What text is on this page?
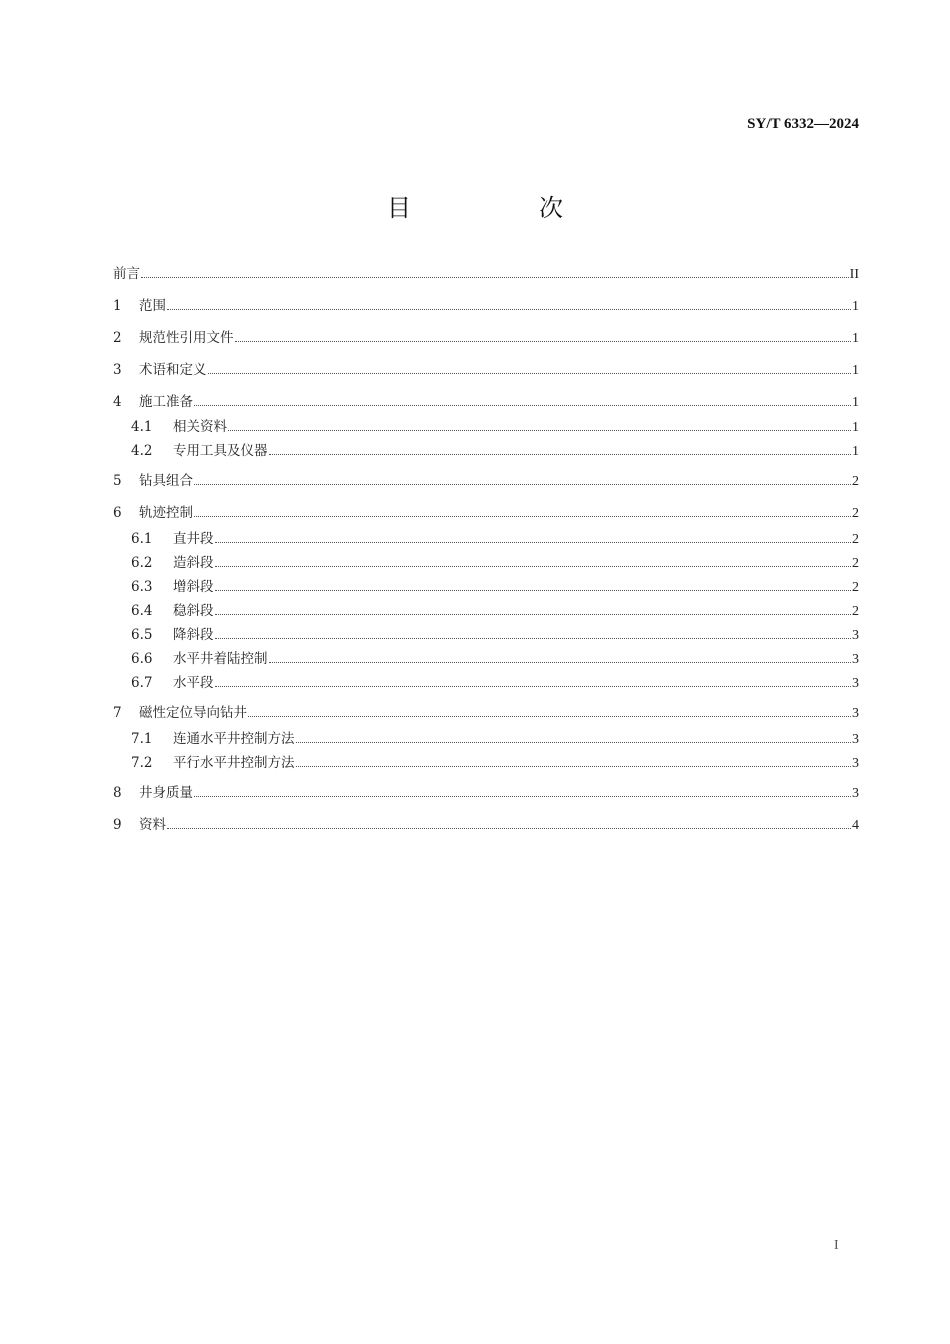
SY/T 6332—2024
目　次
前言	II
1	范围	1
2	规范性引用文件	1
3	术语和定义	1
4	施工准备	1
4.1	相关资料	1
4.2	专用工具及仪器	1
5	钻具组合	2
6	轨迹控制	2
6.1	直井段	2
6.2	造斜段	2
6.3	增斜段	2
6.4	稳斜段	2
6.5	降斜段	3
6.6	水平井着陆控制	3
6.7	水平段	3
7	磁性定位导向钻井	3
7.1	连通水平井控制方法	3
7.2	平行水平井控制方法	3
8	井身质量	3
9	资料	4
I
